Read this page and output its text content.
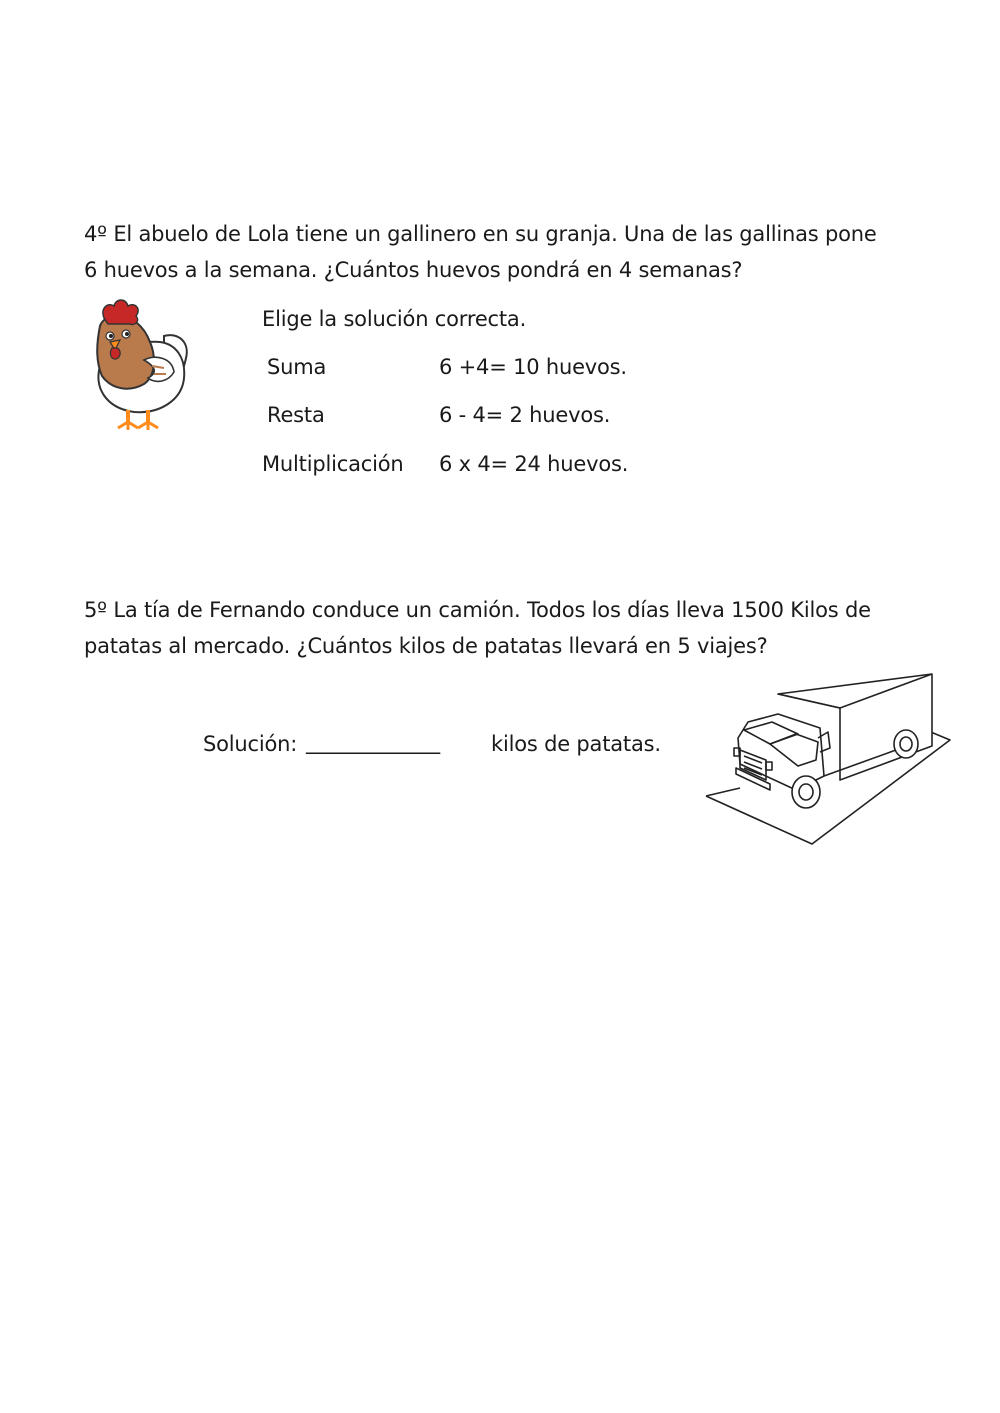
4º El abuelo de Lola tiene un gallinero en su granja. Una de las gallinas pone
6 huevos a la semana. ¿Cuántos huevos pondrá en 4 semanas?
Elige la solución correcta.
Suma	6 +4= 10 huevos.
Resta	6 - 4= 2 huevos.
Multiplicación 6 x 4= 24 huevos.
5º La tía de Fernando conduce un camión. Todos los días lleva 1500 Kilos de
patatas al mercado. ¿Cuántos kilos de patatas llevará en 5 viajes?
Solución: _____________ kilos de patatas.
